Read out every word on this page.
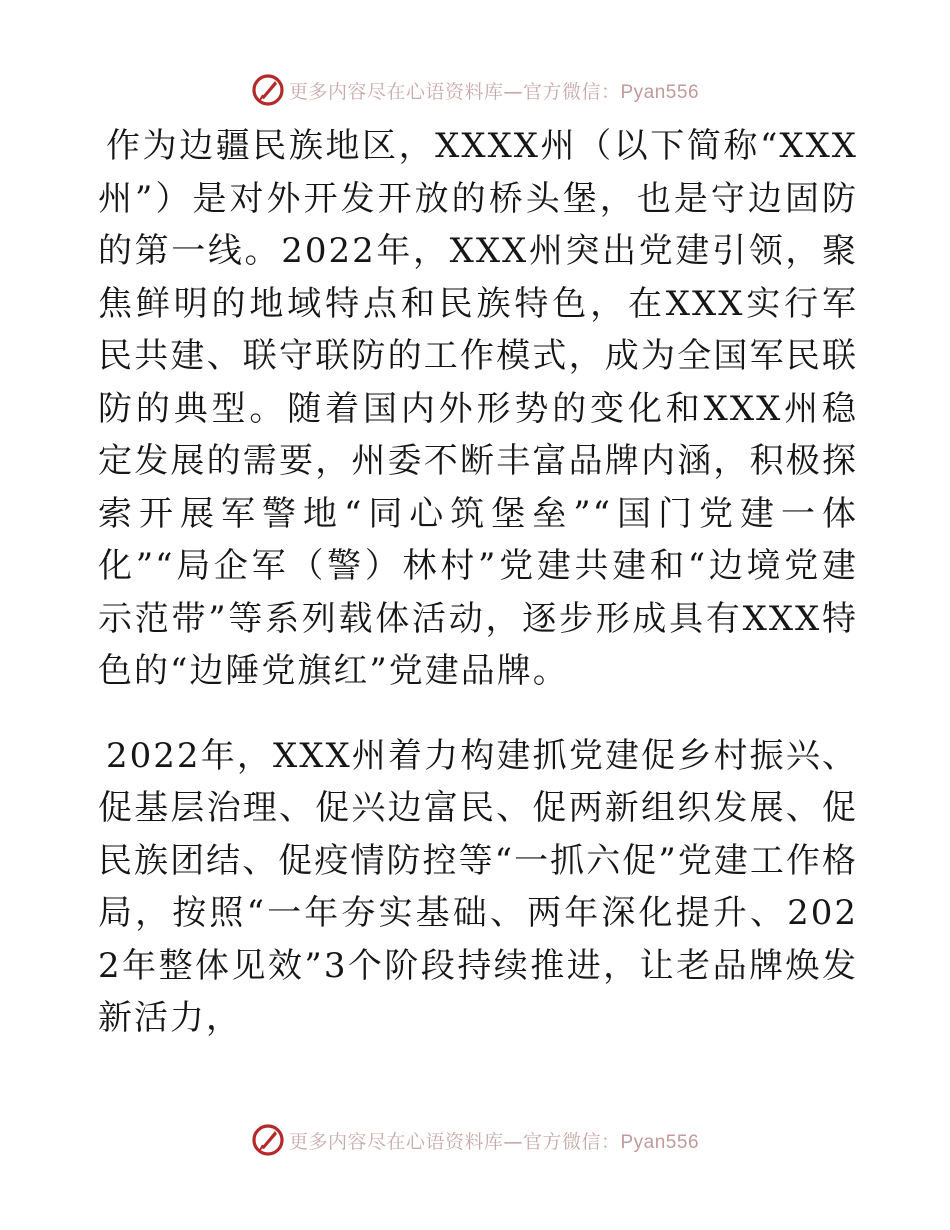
更多内容尽在心语资料库—官方微信：Pyan556

作为边疆民族地区，XXXX州（以下简称“XXX州”）是对外开发开放的桥头堡，也是守边固防的第一线。2022年，XXX州突出党建引领，聚焦鲜明的地域特点和民族特色，在XXX实行军民共建、联守联防的工作模式，成为全国军民联防的典型。随着国内外形势的变化和XXX州稳定发展的需要，州委不断丰富品牌内涵，积极探索开展军警地“同心筑堡垒”“国门党建一体化”“局企军（警）林村”党建共建和“边境党建示范带”等系列载体活动，逐步形成具有XXX特色的“边陲党旗红”党建品牌。

2022年，XXX州着力构建抓党建促乡村振兴、促基层治理、促兴边富民、促两新组织发展、促民族团结、促疫情防控等“一抓六促”党建工作格局，按照“一年夯实基础、两年深化提升、2022年整体见效”3个阶段持续推进，让老品牌焕发新活力，

更多内容尽在心语资料库—官方微信：Pyan556
